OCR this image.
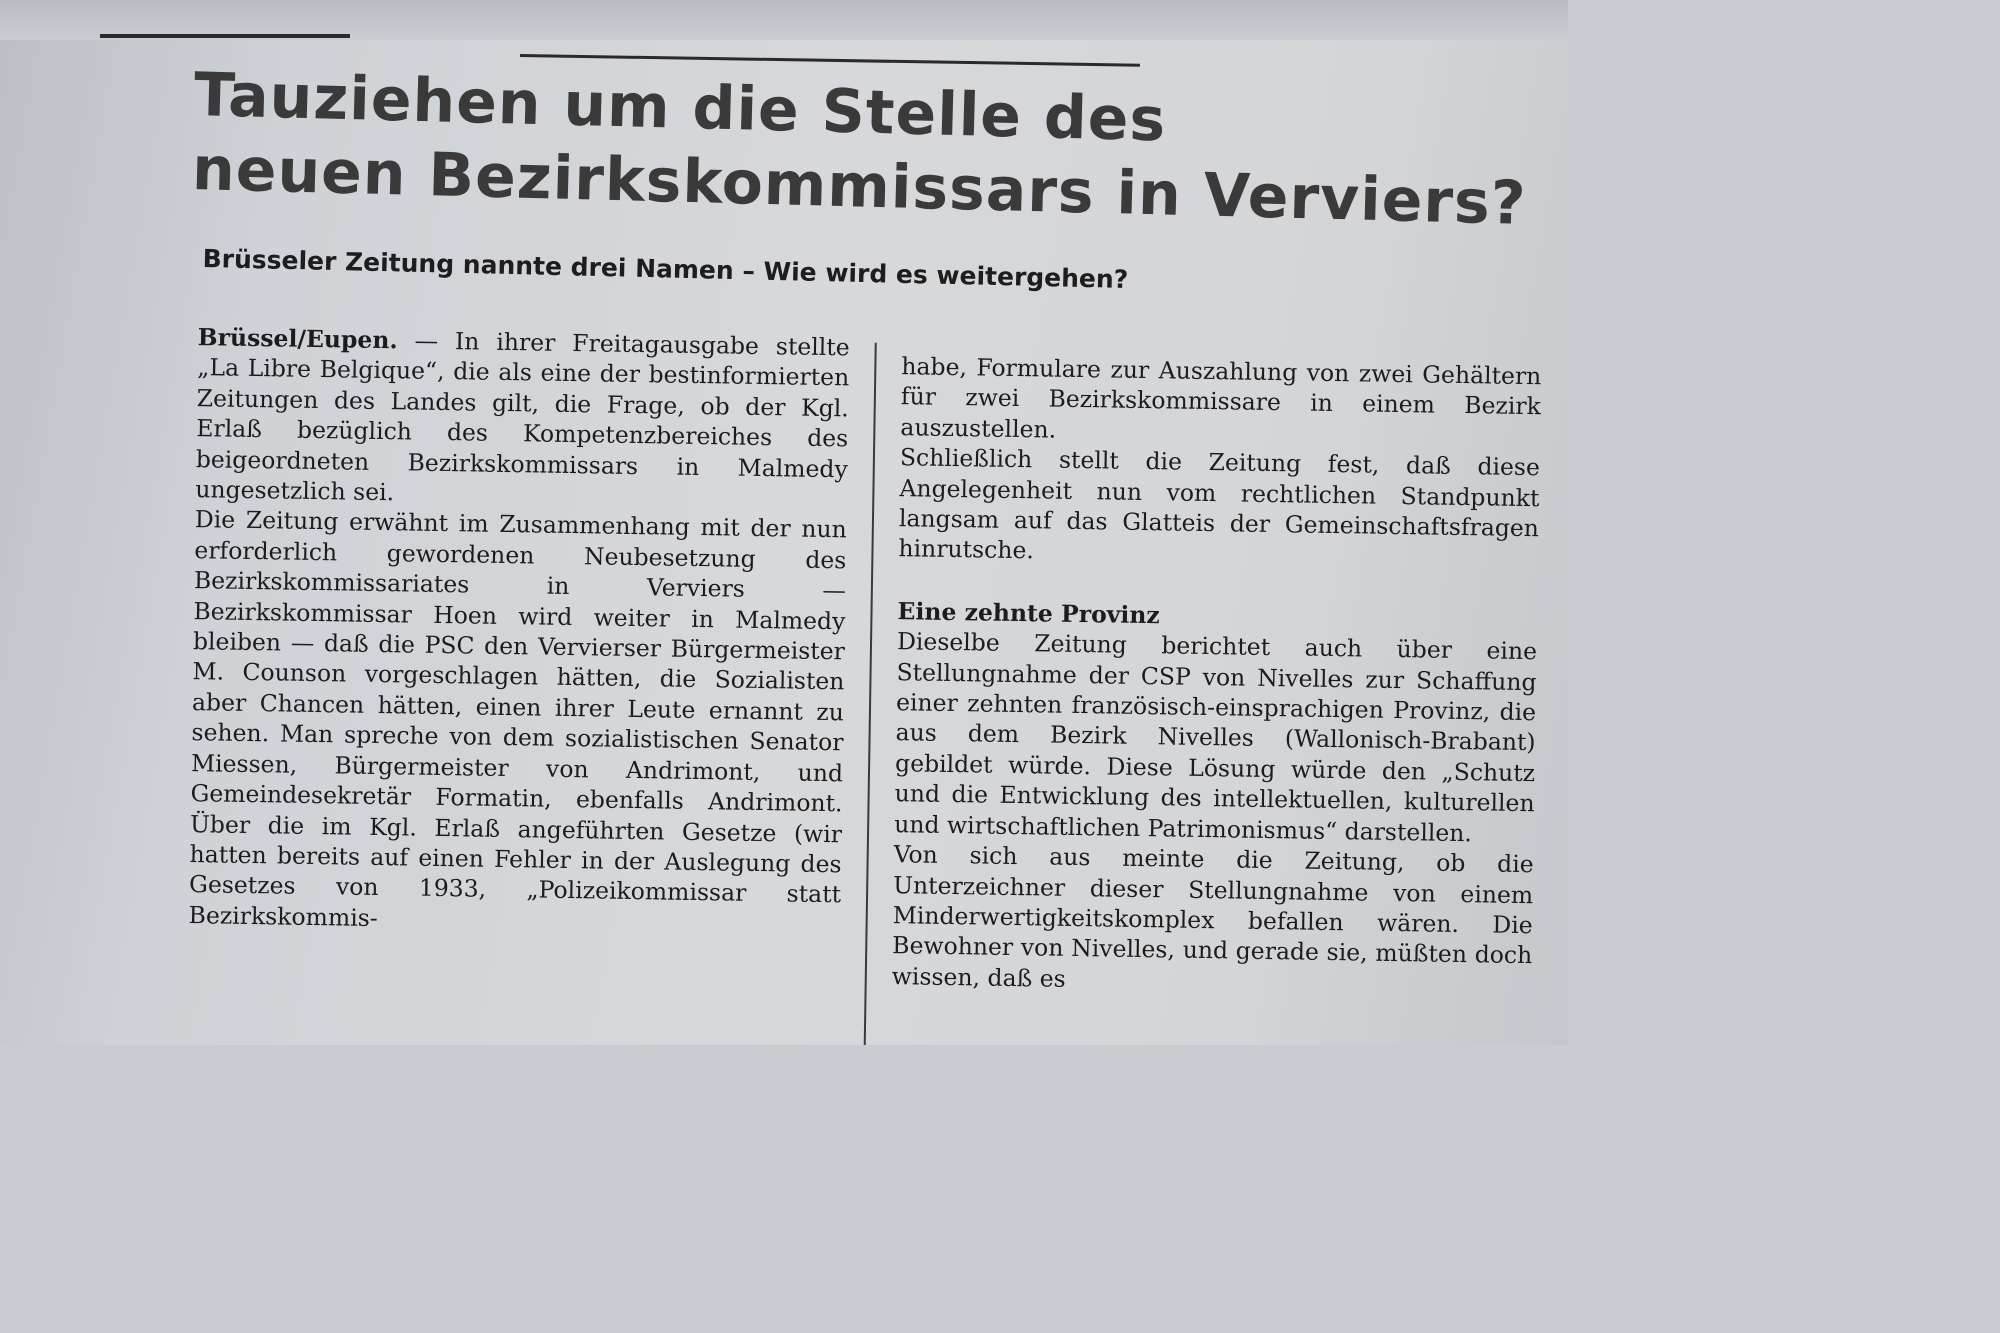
Tauziehen um die Stelle des
neuen Bezirkskommissars in Verviers?
Brüsseler Zeitung nannte drei Namen – Wie wird es weitergehen?

Brüssel/Eupen. — In ihrer Freitagausgabe stellte „La Libre Belgique“, die als eine der bestinformierten Zeitungen des Landes gilt, die Frage, ob der Kgl. Erlaß bezüglich des Kompetenzbereiches des beigeordneten Bezirkskommissars in Malmedy ungesetzlich sei.

Die Zeitung erwähnt im Zusammenhang mit der nun erforderlich gewordenen Neubesetzung des Bezirkskommissariates in Verviers — Bezirkskommissar Hoen wird weiter in Malmedy bleiben — daß die PSC den Vervierser Bürgermeister M. Counson vorgeschlagen hätten, die Sozialisten aber Chancen hätten, einen ihrer Leute ernannt zu sehen. Man spreche von dem sozialistischen Senator Miessen, Bürgermeister von Andrimont, und Gemeindesekretär Formatin, ebenfalls Andrimont. Über die im Kgl. Erlaß angeführten Gesetze (wir hatten bereits auf einen Fehler in der Auslegung des Gesetzes von 1933, „Polizeikommissar statt Bezirkskommis-

habe, Formulare zur Auszahlung von zwei Gehältern für zwei Bezirkskommissare in einem Bezirk auszustellen.

Schließlich stellt die Zeitung fest, daß diese Angelegenheit nun vom rechtlichen Standpunkt langsam auf das Glatteis der Gemeinschaftsfragen hinrutsche.

Eine zehnte Provinz

Dieselbe Zeitung berichtet auch über eine Stellungnahme der CSP von Nivelles zur Schaffung einer zehnten französisch-einsprachigen Provinz, die aus dem Bezirk Nivelles (Wallonisch-Brabant) gebildet würde. Diese Lösung würde den „Schutz und die Entwicklung des intellektuellen, kulturellen und wirtschaftlichen Patrimonismus“ darstellen.

Von sich aus meinte die Zeitung, ob die Unterzeichner dieser Stellungnahme von einem Minderwertigkeitskomplex befallen wären. Die Bewohner von Nivelles, und gerade sie, müßten doch wissen, daß es
